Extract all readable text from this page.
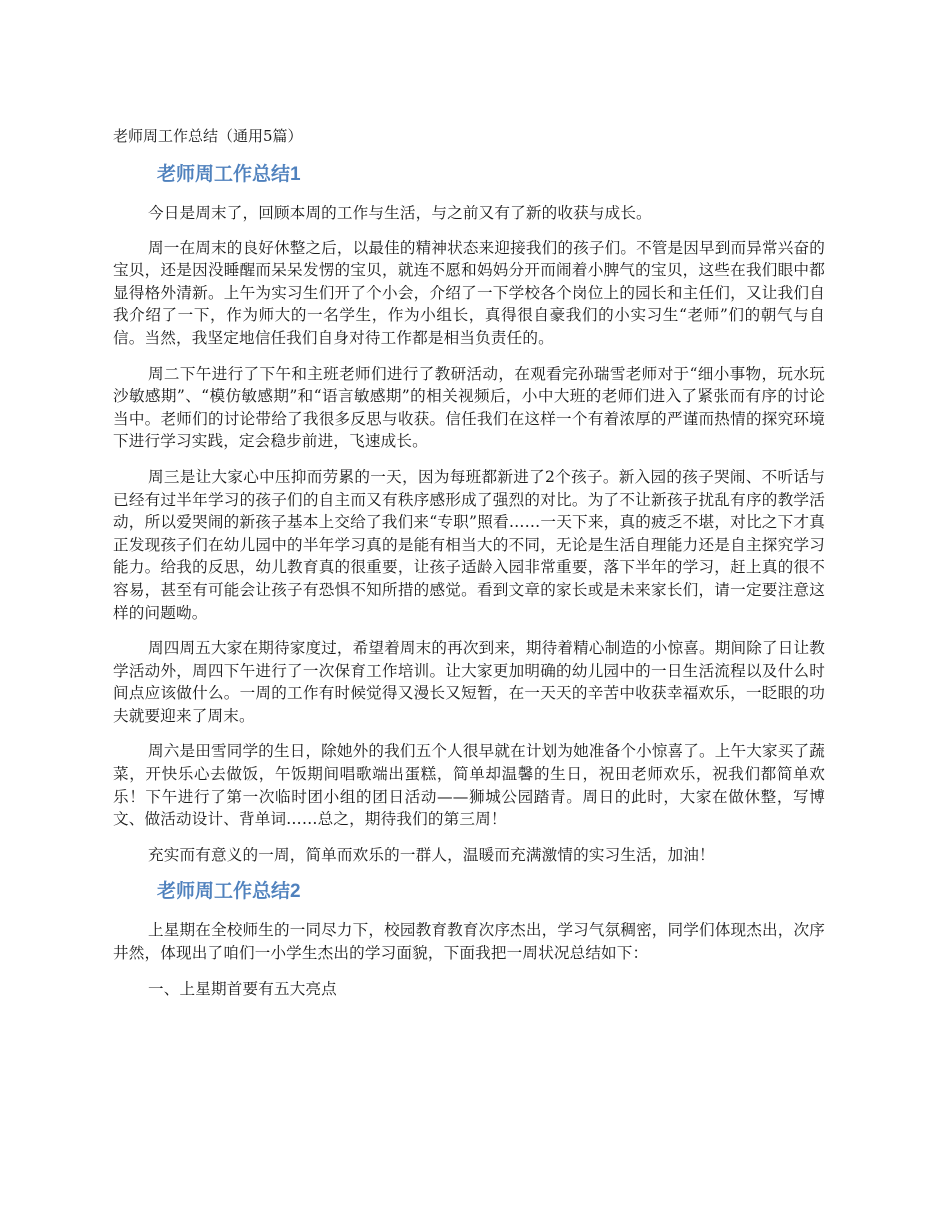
老师周工作总结（通用5篇）
老师周工作总结1

今日是周末了，回顾本周的工作与生活，与之前又有了新的收获与成长。

周一在周末的良好休整之后，以最佳的精神状态来迎接我们的孩子们。不管是因早到而异常兴奋的宝贝，还是因没睡醒而呆呆发愣的宝贝，就连不愿和妈妈分开而闹着小脾气的宝贝，这些在我们眼中都显得格外清新。上午为实习生们开了个小会，介绍了一下学校各个岗位上的园长和主任们，又让我们自我介绍了一下，作为师大的一名学生，作为小组长，真得很自豪我们的小实习生“老师”们的朝气与自信。当然，我坚定地信任我们自身对待工作都是相当负责任的。

周二下午进行了下午和主班老师们进行了教研活动，在观看完孙瑞雪老师对于“细小事物，玩水玩沙敏感期”、“模仿敏感期”和“语言敏感期”的相关视频后，小中大班的老师们进入了紧张而有序的讨论当中。老师们的讨论带给了我很多反思与收获。信任我们在这样一个有着浓厚的严谨而热情的探究环境下进行学习实践，定会稳步前进，飞速成长。

周三是让大家心中压抑而劳累的一天，因为每班都新进了2个孩子。新入园的孩子哭闹、不听话与已经有过半年学习的孩子们的自主而又有秩序感形成了强烈的对比。为了不让新孩子扰乱有序的教学活动，所以爱哭闹的新孩子基本上交给了我们来“专职”照看……一天下来，真的疲乏不堪，对比之下才真正发现孩子们在幼儿园中的半年学习真的是能有相当大的不同，无论是生活自理能力还是自主探究学习能力。给我的反思，幼儿教育真的很重要，让孩子适龄入园非常重要，落下半年的学习，赶上真的很不容易，甚至有可能会让孩子有恐惧不知所措的感觉。看到文章的家长或是未来家长们，请一定要注意这样的问题呦。

周四周五大家在期待家度过，希望着周末的再次到来，期待着精心制造的小惊喜。期间除了日让教学活动外，周四下午进行了一次保育工作培训。让大家更加明确的幼儿园中的一日生活流程以及什么时间点应该做什么。一周的工作有时候觉得又漫长又短暂，在一天天的辛苦中收获幸福欢乐，一眨眼的功夫就要迎来了周末。

周六是田雪同学的生日，除她外的我们五个人很早就在计划为她准备个小惊喜了。上午大家买了蔬菜，开快乐心去做饭，午饭期间唱歌端出蛋糕，简单却温馨的生日，祝田老师欢乐，祝我们都简单欢乐！下午进行了第一次临时团小组的团日活动——狮城公园踏青。周日的此时，大家在做休整，写博文、做活动设计、背单词……总之，期待我们的第三周！

充实而有意义的一周，简单而欢乐的一群人，温暖而充满激情的实习生活，加油！

老师周工作总结2

上星期在全校师生的一同尽力下，校园教育教育次序杰出，学习气氛稠密，同学们体现杰出，次序井然，体现出了咱们一小学生杰出的学习面貌，下面我把一周状况总结如下：

一、上星期首要有五大亮点
